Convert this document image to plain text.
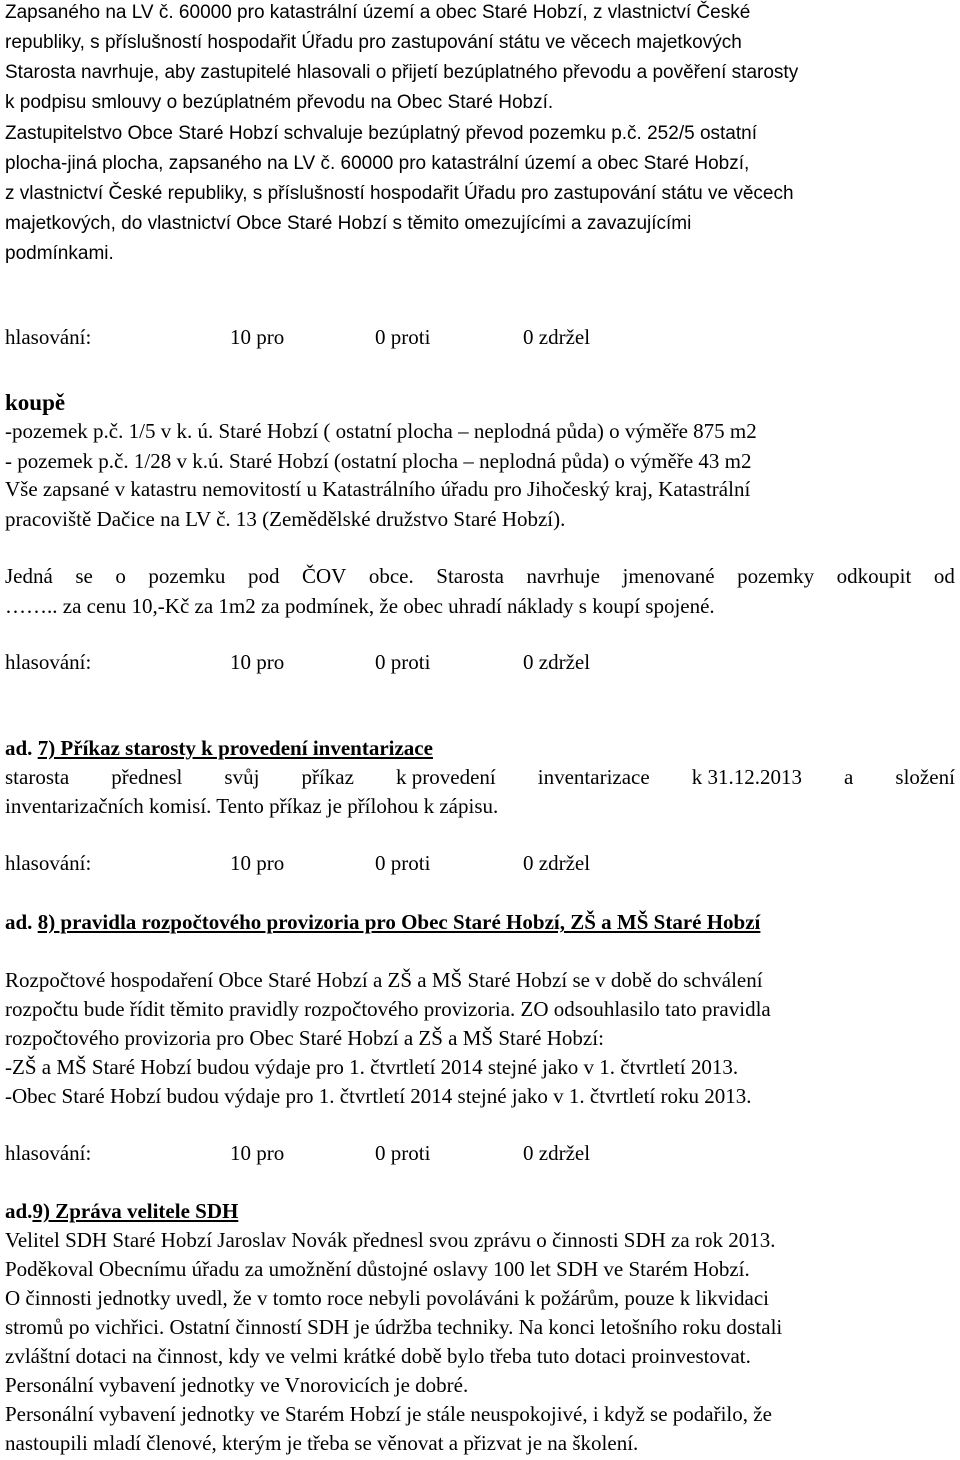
Zapsaného na LV č. 60000 pro katastrální území a obec Staré Hobzí, z vlastnictví České
republiky, s příslušností hospodařit Úřadu pro zastupování státu ve věcech majetkových
Starosta navrhuje, aby zastupitelé hlasovali o přijetí bezúplatného převodu a pověření starosty
k podpisu smlouvy o bezúplatném převodu na Obec Staré Hobzí.
Zastupitelstvo Obce Staré Hobzí schvaluje bezúplatný převod pozemku p.č. 252/5 ostatní
plocha-jiná plocha, zapsaného na LV č. 60000 pro katastrální území a obec Staré Hobzí,
z vlastnictví České republiky, s příslušností hospodařit Úřadu pro zastupování státu ve věcech
majetkových, do vlastnictví Obce Staré Hobzí s těmito omezujícími a zavazujícími
podmínkami.
hlasování:	10 pro	0 proti	0 zdržel
koupě
-pozemek p.č. 1/5 v k. ú. Staré Hobzí ( ostatní plocha – neplodná půda) o výměře 875 m2
- pozemek p.č. 1/28 v k.ú. Staré Hobzí (ostatní plocha – neplodná půda) o výměře 43 m2
Vše zapsané v katastru nemovitostí u Katastrálního úřadu pro Jihočeský kraj, Katastrální
pracoviště Dačice na LV č. 13 (Zemědělské družstvo Staré Hobzí).
Jedná se o pozemku pod ČOV obce. Starosta navrhuje jmenované pozemky odkoupit od
…….. za cenu 10,-Kč za 1m2 za podmínek, že obec uhradí náklady s koupí spojené.
hlasování:	10 pro	0 proti	0 zdržel
ad. 7) Příkaz starosty k provedení inventarizace
starosta přednesl svůj příkaz k provedení inventarizace k 31.12.2013 a složení
inventarizačních komisí. Tento příkaz je přílohou k zápisu.
hlasování:	10 pro	0 proti	0 zdržel
ad. 8) pravidla rozpočtového provizoria pro Obec Staré Hobzí, ZŠ a MŠ Staré Hobzí
Rozpočtové hospodaření Obce Staré Hobzí a ZŠ a MŠ Staré Hobzí se v době do schválení
rozpočtu bude řídit těmito pravidly rozpočtového provizoria. ZO odsouhlasilo tato pravidla
rozpočtového provizoria pro Obec Staré Hobzí a ZŠ a MŠ Staré Hobzí:
-ZŠ a MŠ Staré Hobzí budou výdaje pro 1. čtvrtletí 2014 stejné jako v 1. čtvrtletí 2013.
-Obec Staré Hobzí budou výdaje pro 1. čtvrtletí 2014 stejné jako v 1. čtvrtletí roku 2013.
hlasování:	10 pro	0 proti	0 zdržel
ad.9) Zpráva velitele SDH
Velitel SDH Staré Hobzí Jaroslav Novák přednesl svou zprávu o činnosti SDH za rok 2013.
Poděkoval Obecnímu úřadu za umožnění důstojné oslavy 100 let SDH ve Starém Hobzí.
O činnosti jednotky uvedl, že v tomto roce nebyli povoláváni k požárům, pouze k likvidaci
stromů po vichřici. Ostatní činností SDH je údržba techniky. Na konci letošního roku dostali
zvláštní dotaci na činnost, kdy ve velmi krátké době bylo třeba tuto dotaci proinvestovat.
Personální vybavení jednotky ve Vnorovicích je dobré.
Personální vybavení jednotky ve Starém Hobzí je stále neuspokojivé, i když se podařilo, že
nastoupili mladí členové, kterým je třeba se věnovat a přizvat je na školení.
